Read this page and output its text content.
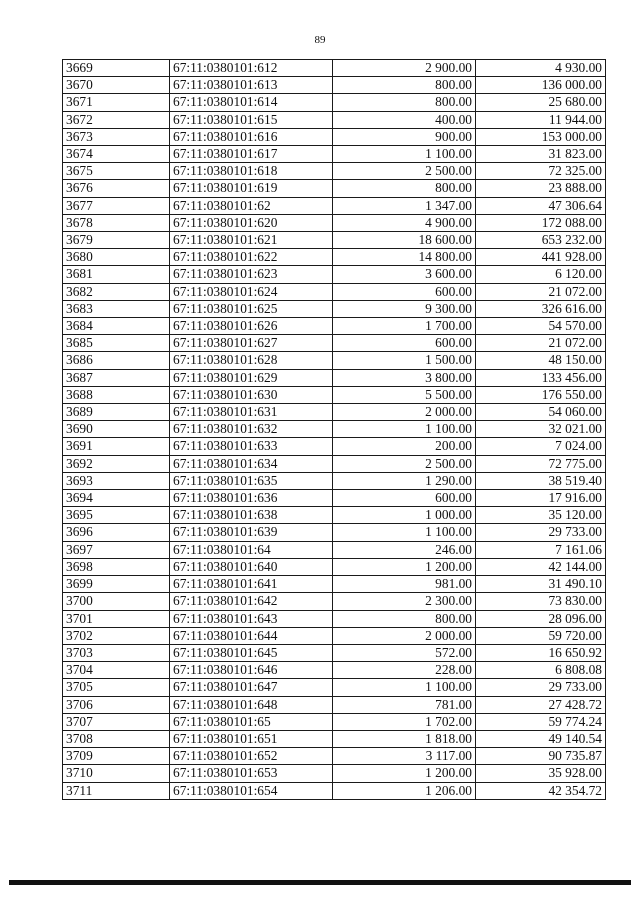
89
3669	67:11:0380101:612	2 900.00	4 930.00
3670	67:11:0380101:613	800.00	136 000.00
3671	67:11:0380101:614	800.00	25 680.00
3672	67:11:0380101:615	400.00	11 944.00
3673	67:11:0380101:616	900.00	153 000.00
3674	67:11:0380101:617	1 100.00	31 823.00
3675	67:11:0380101:618	2 500.00	72 325.00
3676	67:11:0380101:619	800.00	23 888.00
3677	67:11:0380101:62	1 347.00	47 306.64
3678	67:11:0380101:620	4 900.00	172 088.00
3679	67:11:0380101:621	18 600.00	653 232.00
3680	67:11:0380101:622	14 800.00	441 928.00
3681	67:11:0380101:623	3 600.00	6 120.00
3682	67:11:0380101:624	600.00	21 072.00
3683	67:11:0380101:625	9 300.00	326 616.00
3684	67:11:0380101:626	1 700.00	54 570.00
3685	67:11:0380101:627	600.00	21 072.00
3686	67:11:0380101:628	1 500.00	48 150.00
3687	67:11:0380101:629	3 800.00	133 456.00
3688	67:11:0380101:630	5 500.00	176 550.00
3689	67:11:0380101:631	2 000.00	54 060.00
3690	67:11:0380101:632	1 100.00	32 021.00
3691	67:11:0380101:633	200.00	7 024.00
3692	67:11:0380101:634	2 500.00	72 775.00
3693	67:11:0380101:635	1 290.00	38 519.40
3694	67:11:0380101:636	600.00	17 916.00
3695	67:11:0380101:638	1 000.00	35 120.00
3696	67:11:0380101:639	1 100.00	29 733.00
3697	67:11:0380101:64	246.00	7 161.06
3698	67:11:0380101:640	1 200.00	42 144.00
3699	67:11:0380101:641	981.00	31 490.10
3700	67:11:0380101:642	2 300.00	73 830.00
3701	67:11:0380101:643	800.00	28 096.00
3702	67:11:0380101:644	2 000.00	59 720.00
3703	67:11:0380101:645	572.00	16 650.92
3704	67:11:0380101:646	228.00	6 808.08
3705	67:11:0380101:647	1 100.00	29 733.00
3706	67:11:0380101:648	781.00	27 428.72
3707	67:11:0380101:65	1 702.00	59 774.24
3708	67:11:0380101:651	1 818.00	49 140.54
3709	67:11:0380101:652	3 117.00	90 735.87
3710	67:11:0380101:653	1 200.00	35 928.00
3711	67:11:0380101:654	1 206.00	42 354.72
